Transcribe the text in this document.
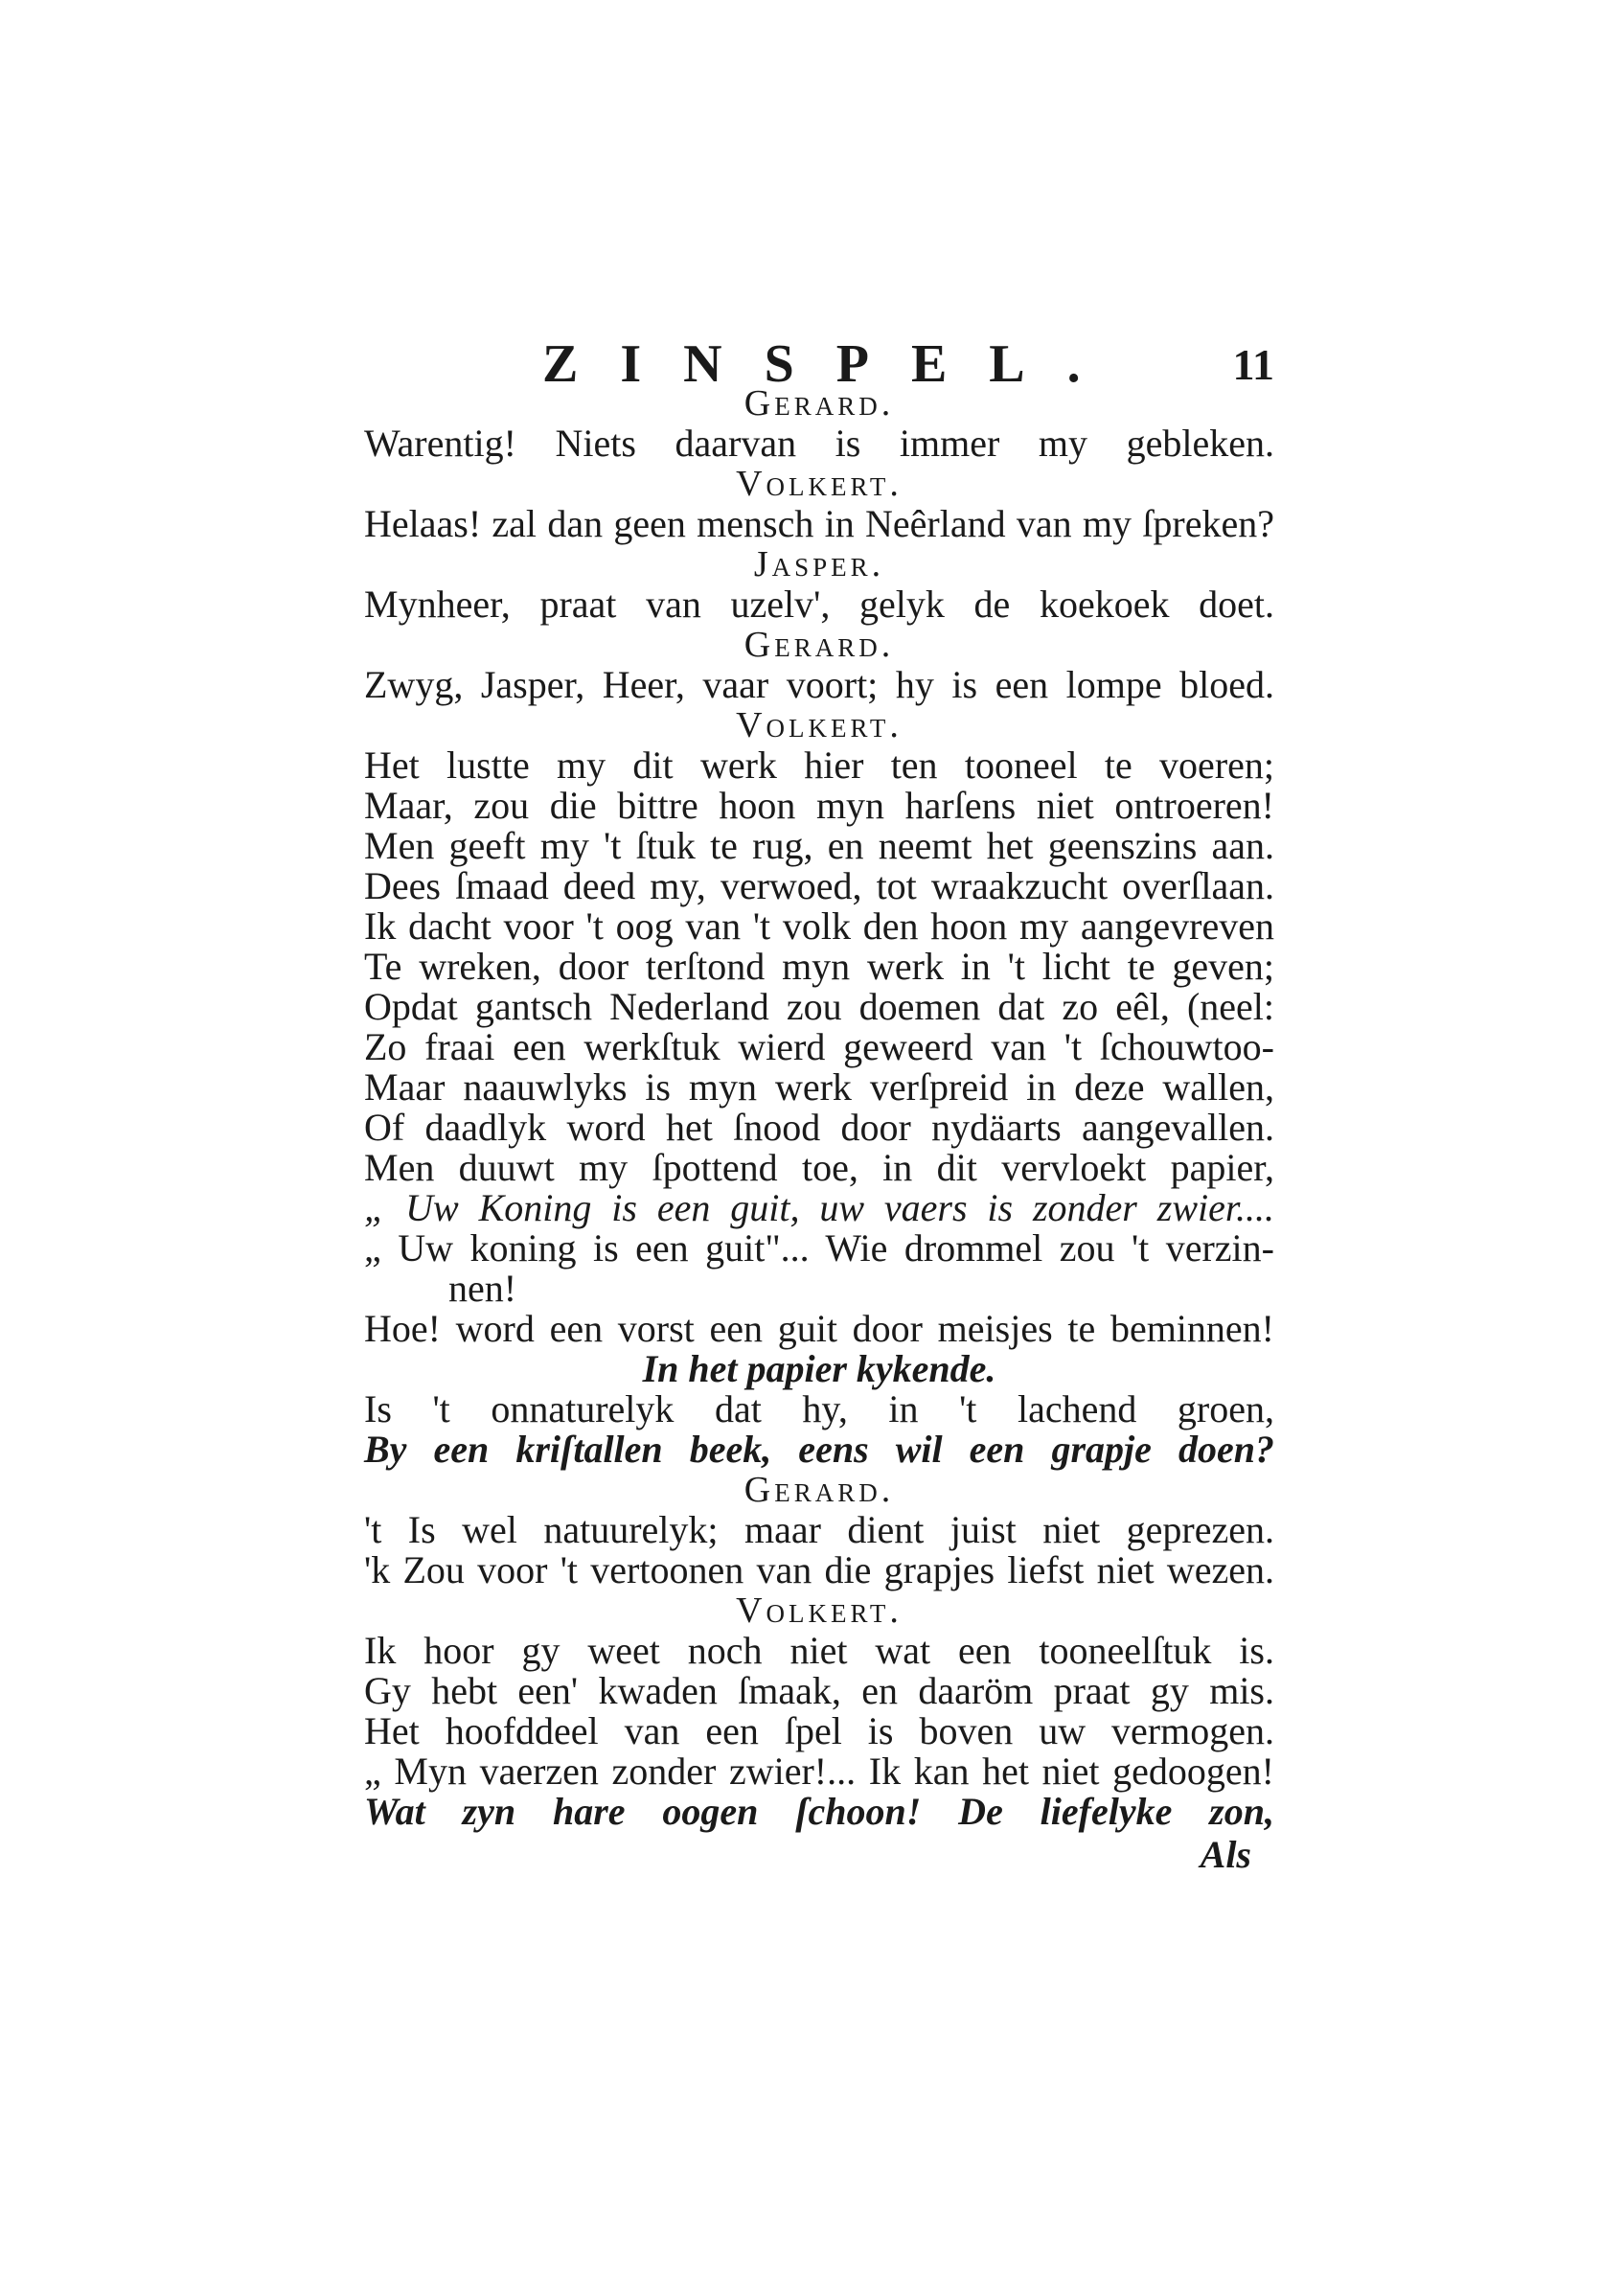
ZINSPEL. 11
Gerard.
Warentig! Niets daarvan is immer my gebleken.
Volkert.
Helaas! zal dan geen mensch in Neêrland van my ſpreken?
Jasper.
Mynheer, praat van uzelv', gelyk de koekoek doet.
Gerard.
Zwyg, Jasper, Heer, vaar voort; hy is een lompe bloed.
Volkert.
Het lustte my dit werk hier ten tooneel te voeren;
Maar, zou die bittre hoon myn harſens niet ontroeren!
Men geeft my 't ſtuk te rug, en neemt het geenszins aan.
Dees ſmaad deed my, verwoed, tot wraakzucht overſlaan.
Ik dacht voor 't oog van 't volk den hoon my aangevreven
Te wreken, door terſtond myn werk in 't licht te geven;
Opdat gantsch Nederland zou doemen dat zo eêl, (neel:
Zo fraai een werkſtuk wierd geweerd van 't ſchouwtoo-
Maar naauwlyks is myn werk verſpreid in deze wallen,
Of daadlyk word het ſnood door nydäarts aangevallen.
Men duuwt my ſpottend toe, in dit vervloekt papier,
„ Uw Koning is een guit, uw vaers is zonder zwier....
„ Uw koning is een guit"... Wie drommel zou 't verzin-
nen!
Hoe! word een vorst een guit door meisjes te beminnen!
In het papier kykende.
Is 't onnaturelyk dat hy, in 't lachend groen,
By een kriſtallen beek, eens wil een grapje doen?
Gerard.
't Is wel natuurelyk; maar dient juist niet geprezen.
'k Zou voor 't vertoonen van die grapjes liefst niet wezen.
Volkert.
Ik hoor gy weet noch niet wat een tooneelſtuk is.
Gy hebt een' kwaden ſmaak, en daaröm praat gy mis.
Het hoofddeel van een ſpel is boven uw vermogen.
„ Myn vaerzen zonder zwier!... Ik kan het niet gedoogen!
Wat zyn hare oogen ſchoon! De liefelyke zon,
Als
